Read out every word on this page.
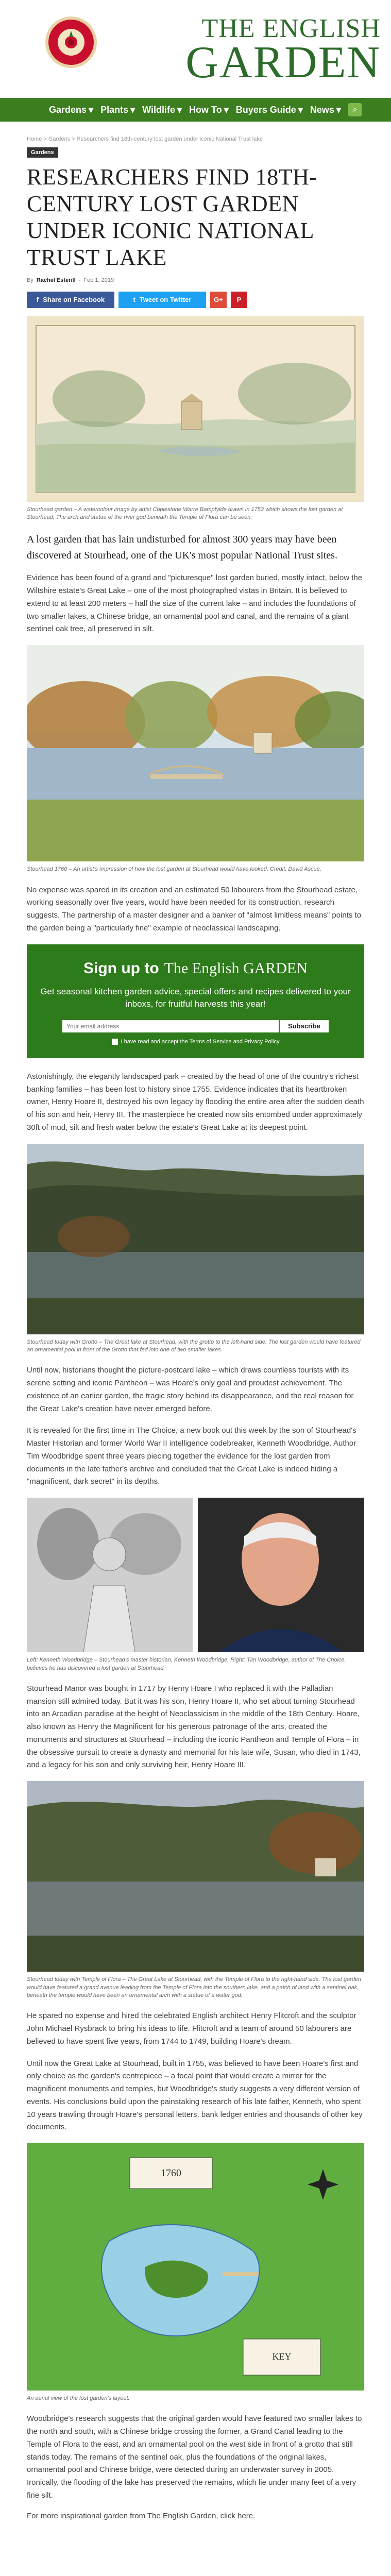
THE ENGLISH
GARDEN
Gardens ▾ Plants ▾ Wildlife ▾ How To ▾ Buyers Guide ▾ News ▾ ⌕
Home > Gardens > Researchers find 18th-century lost garden under iconic National Trust lake
Gardens
RESEARCHERS FIND 18TH-CENTURY LOST GARDEN UNDER ICONIC NATIONAL TRUST LAKE
By Rachel Esterill - Feb 1, 2019
f Share on Facebook	t Tweet on Twitter	G+ P
Stourhead garden – A watercolour image by artist Coplestone Warre Bampfylde drawn in 1753 which shows the lost garden at Stourhead. The arch and statue of the river god beneath the Temple of Flora can be seen.
A lost garden that has lain undisturbed for almost 300 years may have been discovered at Stourhead, one of the UK's most popular National Trust sites.

Evidence has been found of a grand and "picturesque" lost garden buried, mostly intact, below the Wiltshire estate's Great Lake – one of the most photographed vistas in Britain. It is believed to extend to at least 200 meters – half the size of the current lake – and includes the foundations of two smaller lakes, a Chinese bridge, an ornamental pool and canal, and the remains of a giant sentinel oak tree, all preserved in silt.

Stourhead 1760 – An artist's impression of how the lost garden at Stourhead would have looked. Credit: David Ascue.

No expense was spared in its creation and an estimated 50 labourers from the Stourhead estate, working seasonally over five years, would have been needed for its construction, research suggests. The partnership of a master designer and a banker of "almost limitless means" points to the garden being a "particularly fine" example of neoclassical landscaping.

Sign up to The English GARDEN
Get seasonal kitchen garden advice, special offers and recipes delivered to your inboxs, for fruitful harvests this year!
Your email address
Subscribe
I have read and accept the Terms of Service and Privacy Policy

Astonishingly, the elegantly landscaped park – created by the head of one of the country's richest banking families – has been lost to history since 1755. Evidence indicates that its heartbroken owner, Henry Hoare II, destroyed his own legacy by flooding the entire area after the sudden death of his son and heir, Henry III. The masterpiece he created now sits entombed under approximately 30ft of mud, silt and fresh water below the estate's Great Lake at its deepest point.

Stourhead today with Grotto – The Great lake at Stourhead, with the grotto to the left-hand side. The lost garden would have featured an ornamental pool in front of the Grotto that fed into one of two smaller lakes.

Until now, historians thought the picture-postcard lake – which draws countless tourists with its serene setting and iconic Pantheon – was Hoare's only goal and proudest achievement. The existence of an earlier garden, the tragic story behind its disappearance, and the real reason for the Great Lake's creation have never emerged before.

It is revealed for the first time in The Choice, a new book out this week by the son of Stourhead's Master Historian and former World War II intelligence codebreaker, Kenneth Woodbridge. Author Tim Woodbridge spent three years piecing together the evidence for the lost garden from documents in the late father's archive and concluded that the Great Lake is indeed hiding a "magnificent, dark secret" in its depths.

Left: Kenneth Woodbridge – Stourhead's master historian, Kenneth Woodbridge. Right: Tim Woodbridge, author of The Choice, believes he has discovered a lost garden at Stourhead.

Stourhead Manor was bought in 1717 by Henry Hoare I who replaced it with the Palladian mansion still admired today. But it was his son, Henry Hoare II, who set about turning Stourhead into an Arcadian paradise at the height of Neoclassicism in the middle of the 18th Century. Hoare, also known as Henry the Magnificent for his generous patronage of the arts, created the monuments and structures at Stourhead – including the iconic Pantheon and Temple of Flora – in the obsessive pursuit to create a dynasty and memorial for his late wife, Susan, who died in 1743, and a legacy for his son and only surviving heir, Henry Hoare III.

Stourhead today with Temple of Flora – The Great Lake at Stourhead, with the Temple of Flora to the right-hand side. The lost garden would have featured a grand avenue leading from the Temple of Flora into the southern lake, and a patch of land with a sentinel oak, beneath the temple would have been an ornamental arch with a statue of a water god.

He spared no expense and hired the celebrated English architect Henry Flitcroft and the sculptor John Michael Rysbrack to bring his ideas to life. Flitcroft and a team of around 50 labourers are believed to have spent five years, from 1744 to 1749, building Hoare's dream.

Until now the Great Lake at Stourhead, built in 1755, was believed to have been Hoare's first and only choice as the garden's centrepiece – a focal point that would create a mirror for the magnificent monuments and temples, but Woodbridge's study suggests a very different version of events. His conclusions build upon the painstaking research of his late father, Kenneth, who spent 10 years trawling through Hoare's personal letters, bank ledger entries and thousands of other key documents.

1760
KEY
An aerial view of the lost garden's layout.

Woodbridge's research suggests that the original garden would have featured two smaller lakes to the north and south, with a Chinese bridge crossing the former, a Grand Canal leading to the Temple of Flora to the east, and an ornamental pool on the west side in front of a grotto that still stands today. The remains of the sentinel oak, plus the foundations of the original lakes, ornamental pool and Chinese bridge, were detected during an underwater survey in 2005. Ironically, the flooding of the lake has preserved the remains, which lie under many feet of a very fine silt.

For more inspirational garden from The English Garden, click here.
